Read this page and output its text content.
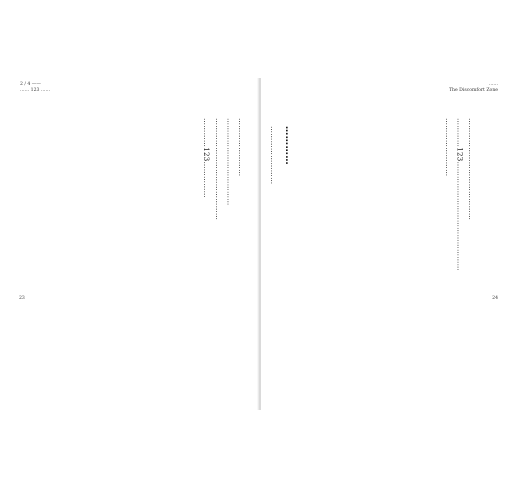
2 / 4 ——
…… 123 ……
23
……
The Discomfort Zone
24

……………………………………

…………123………………………………………

……………………

…………
……………………

……………………

………………………………

……………………………………

…………123……………
